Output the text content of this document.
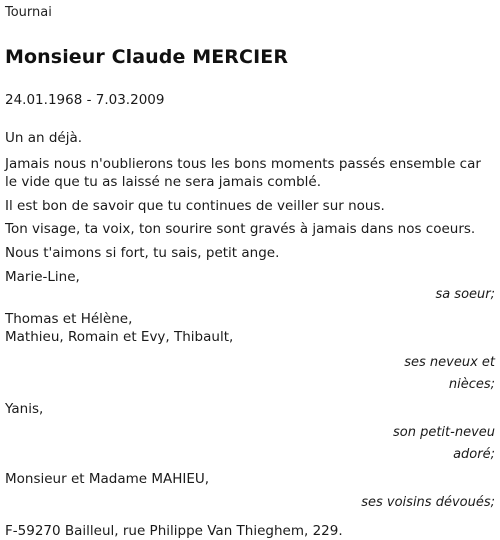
Tournai
Monsieur Claude MERCIER
24.01.1968 - 7.03.2009

Un an déjà.

Jamais nous n'oublierons tous les bons moments passés ensemble car le vide que tu as laissé ne sera jamais comblé.

Il est bon de savoir que tu continues de veiller sur nous.

Ton visage, ta voix, ton sourire sont gravés à jamais dans nos coeurs.

Nous t'aimons si fort, tu sais, petit ange.

Marie-Line,

sa soeur;

Thomas et Hélène,

Mathieu, Romain et Evy, Thibault,

ses neveux et

nièces;

Yanis,

son petit-neveu

adoré;

Monsieur et Madame MAHIEU,

ses voisins dévoués;

F-59270 Bailleul, rue Philippe Van Thieghem, 229.
